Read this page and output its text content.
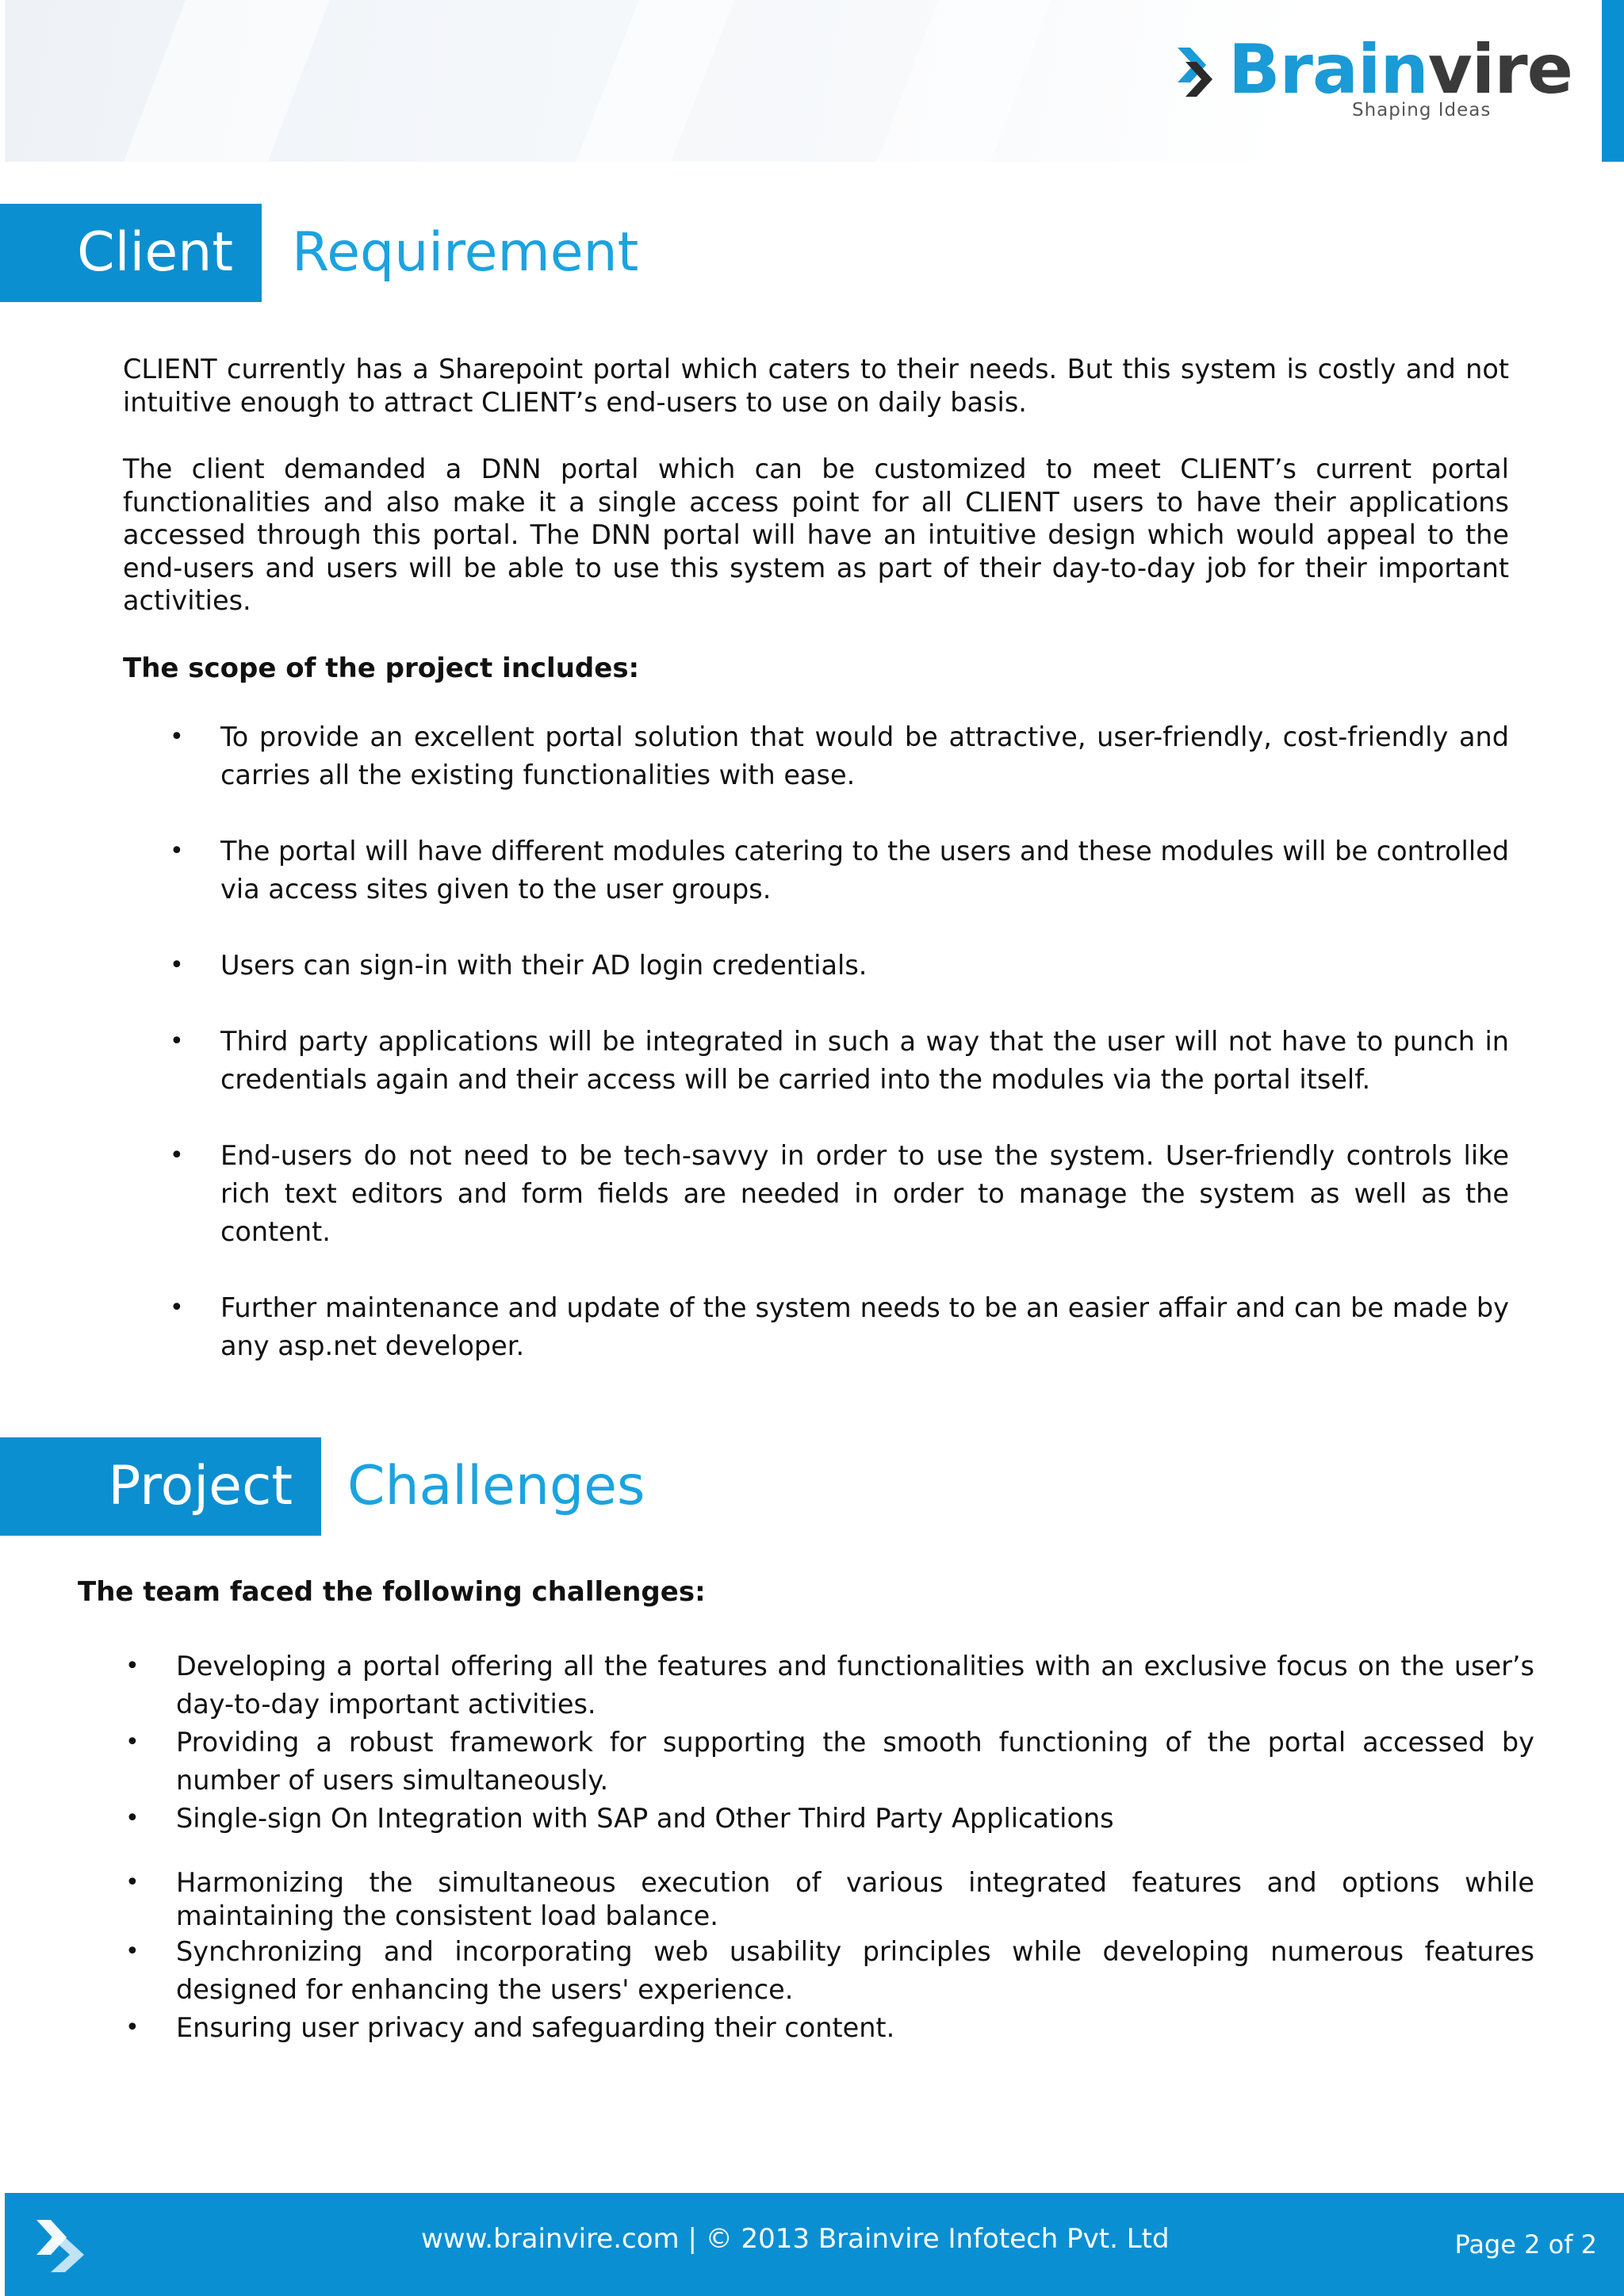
Brainvire
Shaping Ideas
Client	Requirement

CLIENT currently has a Sharepoint portal which caters to their needs. But this system is costly and not intuitive enough to attract CLIENT’s end-users to use on daily basis.

The client demanded a DNN portal which can be customized to meet CLIENT’s current portal functionalities and also make it a single access point for all CLIENT users to have their applications accessed through this portal. The DNN portal will have an intuitive design which would appeal to the end-users and users will be able to use this system as part of their day-to-day job for their important activities.

The scope of the project includes:

• To provide an excellent portal solution that would be attractive, user-friendly, cost-friendly and carries all the existing functionalities with ease.
• The portal will have different modules catering to the users and these modules will be controlled via access sites given to the user groups.
• Users can sign-in with their AD login credentials.
• Third party applications will be integrated in such a way that the user will not have to punch in credentials again and their access will be carried into the modules via the portal itself.
• End-users do not need to be tech-savvy in order to use the system. User-friendly controls like rich text editors and form fields are needed in order to manage the system as well as the content.
• Further maintenance and update of the system needs to be an easier affair and can be made by any asp.net developer.
Project	Challenges

The team faced the following challenges:

• Developing a portal offering all the features and functionalities with an exclusive focus on the user’s day-to-day important activities.
• Providing a robust framework for supporting the smooth functioning of the portal accessed by number of users simultaneously.
• Single-sign On Integration with SAP and Other Third Party Applications
• Harmonizing the simultaneous execution of various integrated features and options while maintaining the consistent load balance.
• Synchronizing and incorporating web usability principles while developing numerous features designed for enhancing the users' experience.
• Ensuring user privacy and safeguarding their content.
www.brainvire.com | © 2013 Brainvire Infotech Pvt. Ltd	Page 2 of 2
